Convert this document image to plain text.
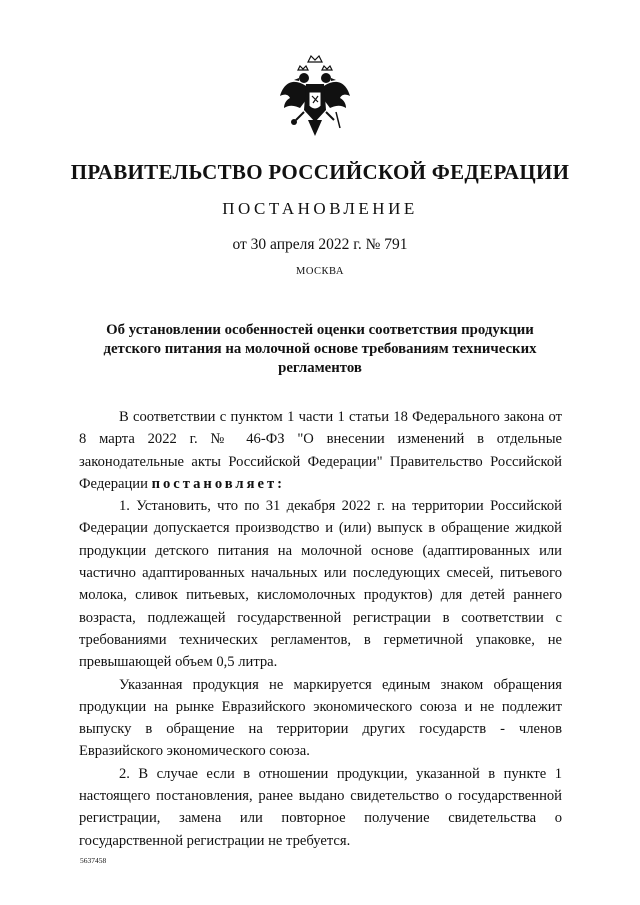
ПРАВИТЕЛЬСТВО РОССИЙСКОЙ ФЕДЕРАЦИИ
ПОСТАНОВЛЕНИЕ
от 30 апреля 2022 г. № 791
МОСКВА
Об установлении особенностей оценки соответствия продукции детского питания на молочной основе требованиям технических регламентов

В соответствии с пунктом 1 части 1 статьи 18 Федерального закона от 8 марта 2022 г. № 46-ФЗ "О внесении изменений в отдельные законодательные акты Российской Федерации" Правительство Российской Федерации постановляет:

1. Установить, что по 31 декабря 2022 г. на территории Российской Федерации допускается производство и (или) выпуск в обращение жидкой продукции детского питания на молочной основе (адаптированных или частично адаптированных начальных или последующих смесей, питьевого молока, сливок питьевых, кисломолочных продуктов) для детей раннего возраста, подлежащей государственной регистрации в соответствии с требованиями технических регламентов, в герметичной упаковке, не превышающей объем 0,5 литра.

Указанная продукция не маркируется единым знаком обращения продукции на рынке Евразийского экономического союза и не подлежит выпуску в обращение на территории других государств - членов Евразийского экономического союза.

2. В случае если в отношении продукции, указанной в пункте 1 настоящего постановления, ранее выдано свидетельство о государственной регистрации, замена или повторное получение свидетельства о государственной регистрации не требуется.

5637458
